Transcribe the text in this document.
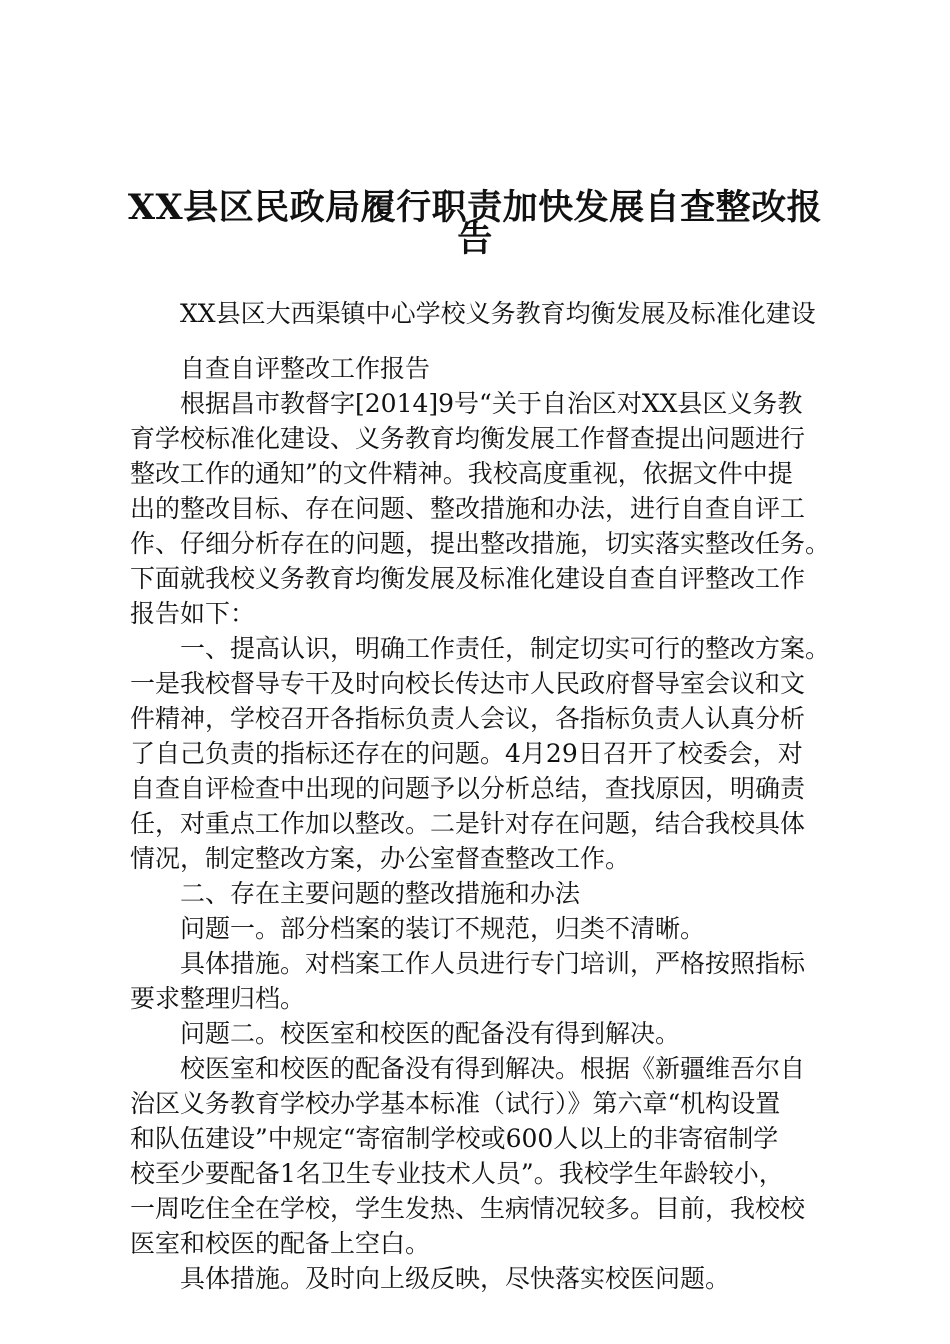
XX县区民政局履行职责加快发展自查整改报
告
XX县区大西渠镇中心学校义务教育均衡发展及标准化建设
自查自评整改工作报告
根据昌市教督字[2014]9号“关于自治区对XX县区义务教
育学校标准化建设、义务教育均衡发展工作督查提出问题进行
整改工作的通知”的文件精神。我校高度重视，依据文件中提
出的整改目标、存在问题、整改措施和办法，进行自查自评工
作、仔细分析存在的问题，提出整改措施，切实落实整改任务。
下面就我校义务教育均衡发展及标准化建设自查自评整改工作
报告如下：
一、提高认识，明确工作责任，制定切实可行的整改方案。
一是我校督导专干及时向校长传达市人民政府督导室会议和文
件精神，学校召开各指标负责人会议，各指标负责人认真分析
了自己负责的指标还存在的问题。4月29日召开了校委会，对
自查自评检查中出现的问题予以分析总结，查找原因，明确责
任，对重点工作加以整改。二是针对存在问题，结合我校具体
情况，制定整改方案，办公室督查整改工作。
二、存在主要问题的整改措施和办法
问题一。部分档案的装订不规范，归类不清晰。
具体措施。对档案工作人员进行专门培训，严格按照指标
要求整理归档。
问题二。校医室和校医的配备没有得到解决。
校医室和校医的配备没有得到解决。根据《新疆维吾尔自
治区义务教育学校办学基本标准（试行）》第六章“机构设置
和队伍建设”中规定“寄宿制学校或600人以上的非寄宿制学
校至少要配备1名卫生专业技术人员”。我校学生年龄较小，
一周吃住全在学校，学生发热、生病情况较多。目前，我校校
医室和校医的配备上空白。
具体措施。及时向上级反映，尽快落实校医问题。
